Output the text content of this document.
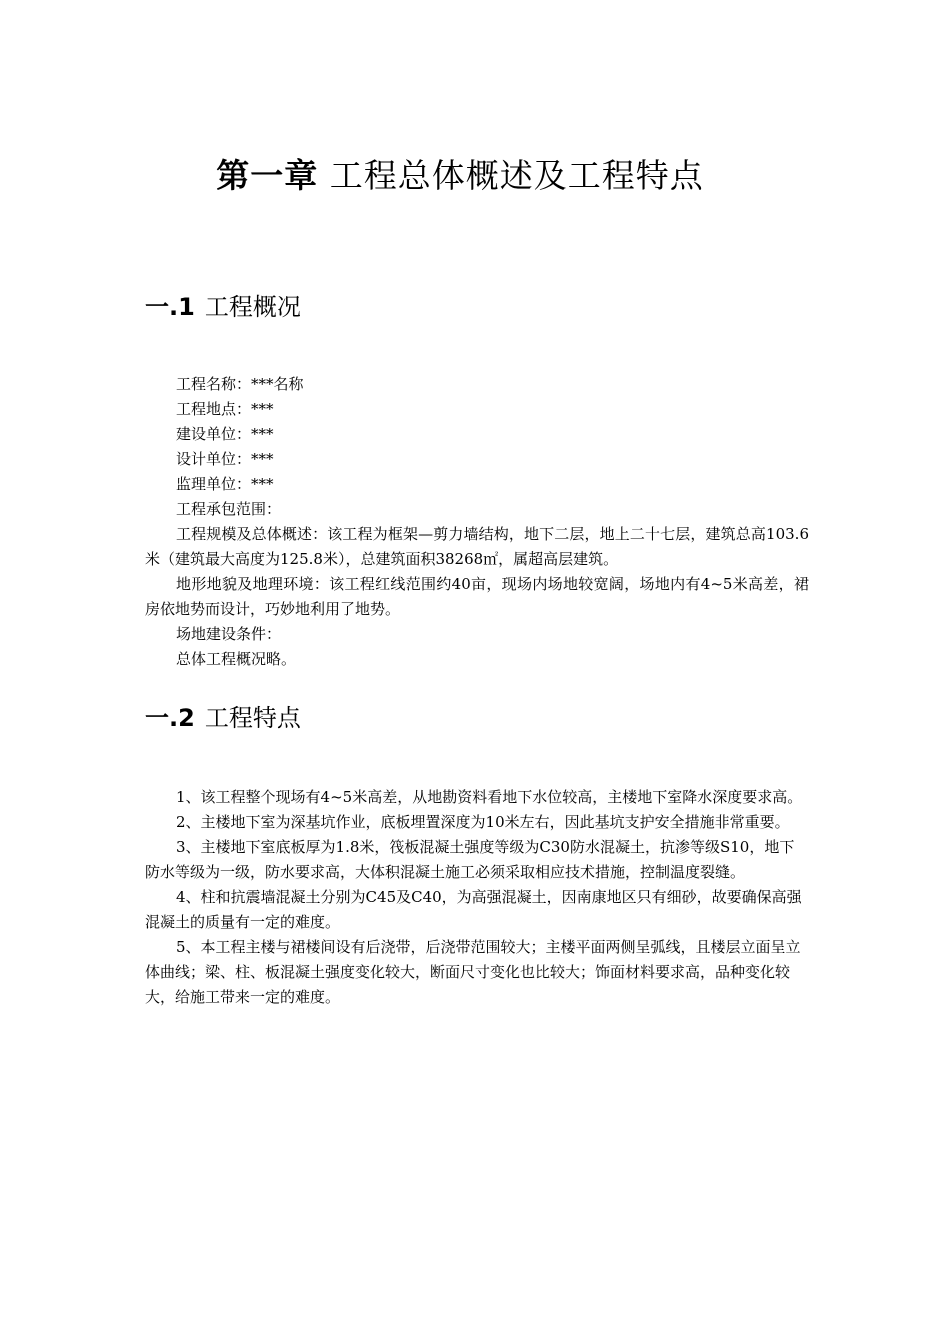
第一章 工程总体概述及工程特点
一.1 工程概况

工程名称：***名称

工程地点：***

建设单位：***

设计单位：***

监理单位：***

工程承包范围：

工程规模及总体概述：该工程为框架—剪力墙结构，地下二层，地上二十七层，建筑总高103.6米（建筑最大高度为125.8米），总建筑面积38268㎡，属超高层建筑。

地形地貌及地理环境：该工程红线范围约40亩，现场内场地较宽阔，场地内有4~5米高差，裙房依地势而设计，巧妙地利用了地势。

场地建设条件：

总体工程概况略。

一.2 工程特点

1、该工程整个现场有4~5米高差，从地勘资料看地下水位较高，主楼地下室降水深度要求高。

2、主楼地下室为深基坑作业，底板埋置深度为10米左右，因此基坑支护安全措施非常重要。

3、主楼地下室底板厚为1.8米，筏板混凝土强度等级为C30防水混凝土，抗渗等级S10，地下防水等级为一级，防水要求高，大体积混凝土施工必须采取相应技术措施，控制温度裂缝。

4、柱和抗震墙混凝土分别为C45及C40，为高强混凝土，因南康地区只有细砂，故要确保高强混凝土的质量有一定的难度。

5、本工程主楼与裙楼间设有后浇带，后浇带范围较大；主楼平面两侧呈弧线，且楼层立面呈立体曲线；梁、柱、板混凝土强度变化较大，断面尺寸变化也比较大；饰面材料要求高，品种变化较大，给施工带来一定的难度。
